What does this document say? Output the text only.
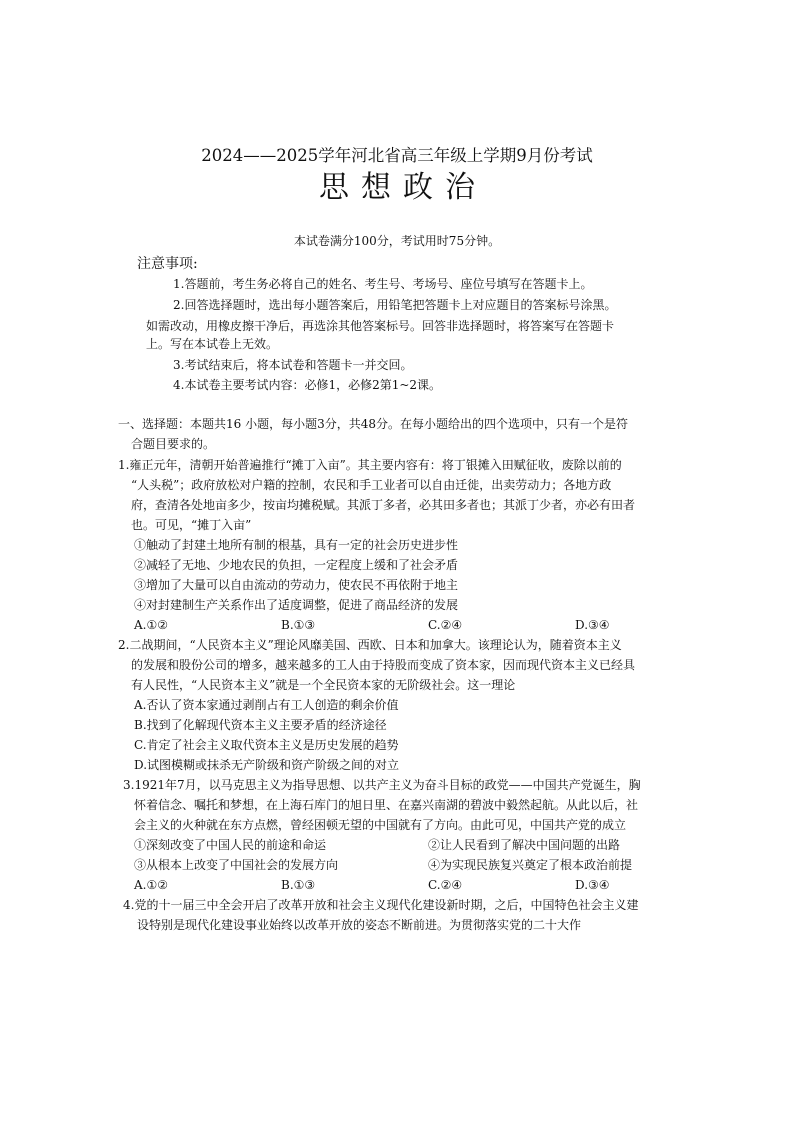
2024——2025学年河北省高三年级上学期9月份考试
思想政治
本试卷满分100分，考试用时75分钟。
注意事项:
1.答题前，考生务必将自己的姓名、考生号、考场号、座位号填写在答题卡上。
2.回答选择题时，选出每小题答案后，用铅笔把答题卡上对应题目的答案标号涂黑。
如需改动，用橡皮擦干净后，再选涂其他答案标号。回答非选择题时，将答案写在答题卡
上。写在本试卷上无效。
3.考试结束后，将本试卷和答题卡一并交回。
4.本试卷主要考试内容：必修1，必修2第1~2课。
一、选择题：本题共16 小题，每小题3分，共48分。在每小题给出的四个选项中，只有一个是符
合题目要求的。
1.雍正元年，清朝开始普遍推行“摊丁入亩”。其主要内容有：将丁银摊入田赋征收，废除以前的
“人头税”；政府放松对户籍的控制，农民和手工业者可以自由迁徙，出卖劳动力；各地方政
府，查清各处地亩多少，按亩均摊税赋。其派丁多者，必其田多者也；其派丁少者，亦必有田者
也。可见，“摊丁入亩”
①触动了封建土地所有制的根基，具有一定的社会历史进步性
②减轻了无地、少地农民的负担，一定程度上缓和了社会矛盾
③增加了大量可以自由流动的劳动力，使农民不再依附于地主
④对封建制生产关系作出了适度调整，促进了商品经济的发展
A.①②	B.①③	C.②④	D.③④
2.二战期间，“人民资本主义”理论风靡美国、西欧、日本和加拿大。该理论认为，随着资本主义
的发展和股份公司的增多，越来越多的工人由于持股而变成了资本家，因而现代资本主义已经具
有人民性，“人民资本主义”就是一个全民资本家的无阶级社会。这一理论
A.否认了资本家通过剥削占有工人创造的剩余价值
B.找到了化解现代资本主义主要矛盾的经济途径
C.肯定了社会主义取代资本主义是历史发展的趋势
D.试图模糊或抹杀无产阶级和资产阶级之间的对立
3.1921年7月，以马克思主义为指导思想、以共产主义为奋斗目标的政党——中国共产党诞生，胸
怀着信念、嘱托和梦想，在上海石库门的旭日里、在嘉兴南湖的碧波中毅然起航。从此以后，社
会主义的火种就在东方点燃，曾经困顿无望的中国就有了方向。由此可见，中国共产党的成立
①深刻改变了中国人民的前途和命运	②让人民看到了解决中国问题的出路
③从根本上改变了中国社会的发展方向	④为实现民族复兴奠定了根本政治前提
A.①②	B.①③	C.②④	D.③④
4.党的十一届三中全会开启了改革开放和社会主义现代化建设新时期，之后，中国特色社会主义建
设特别是现代化建设事业始终以改革开放的姿态不断前进。为贯彻落实党的二十大作
